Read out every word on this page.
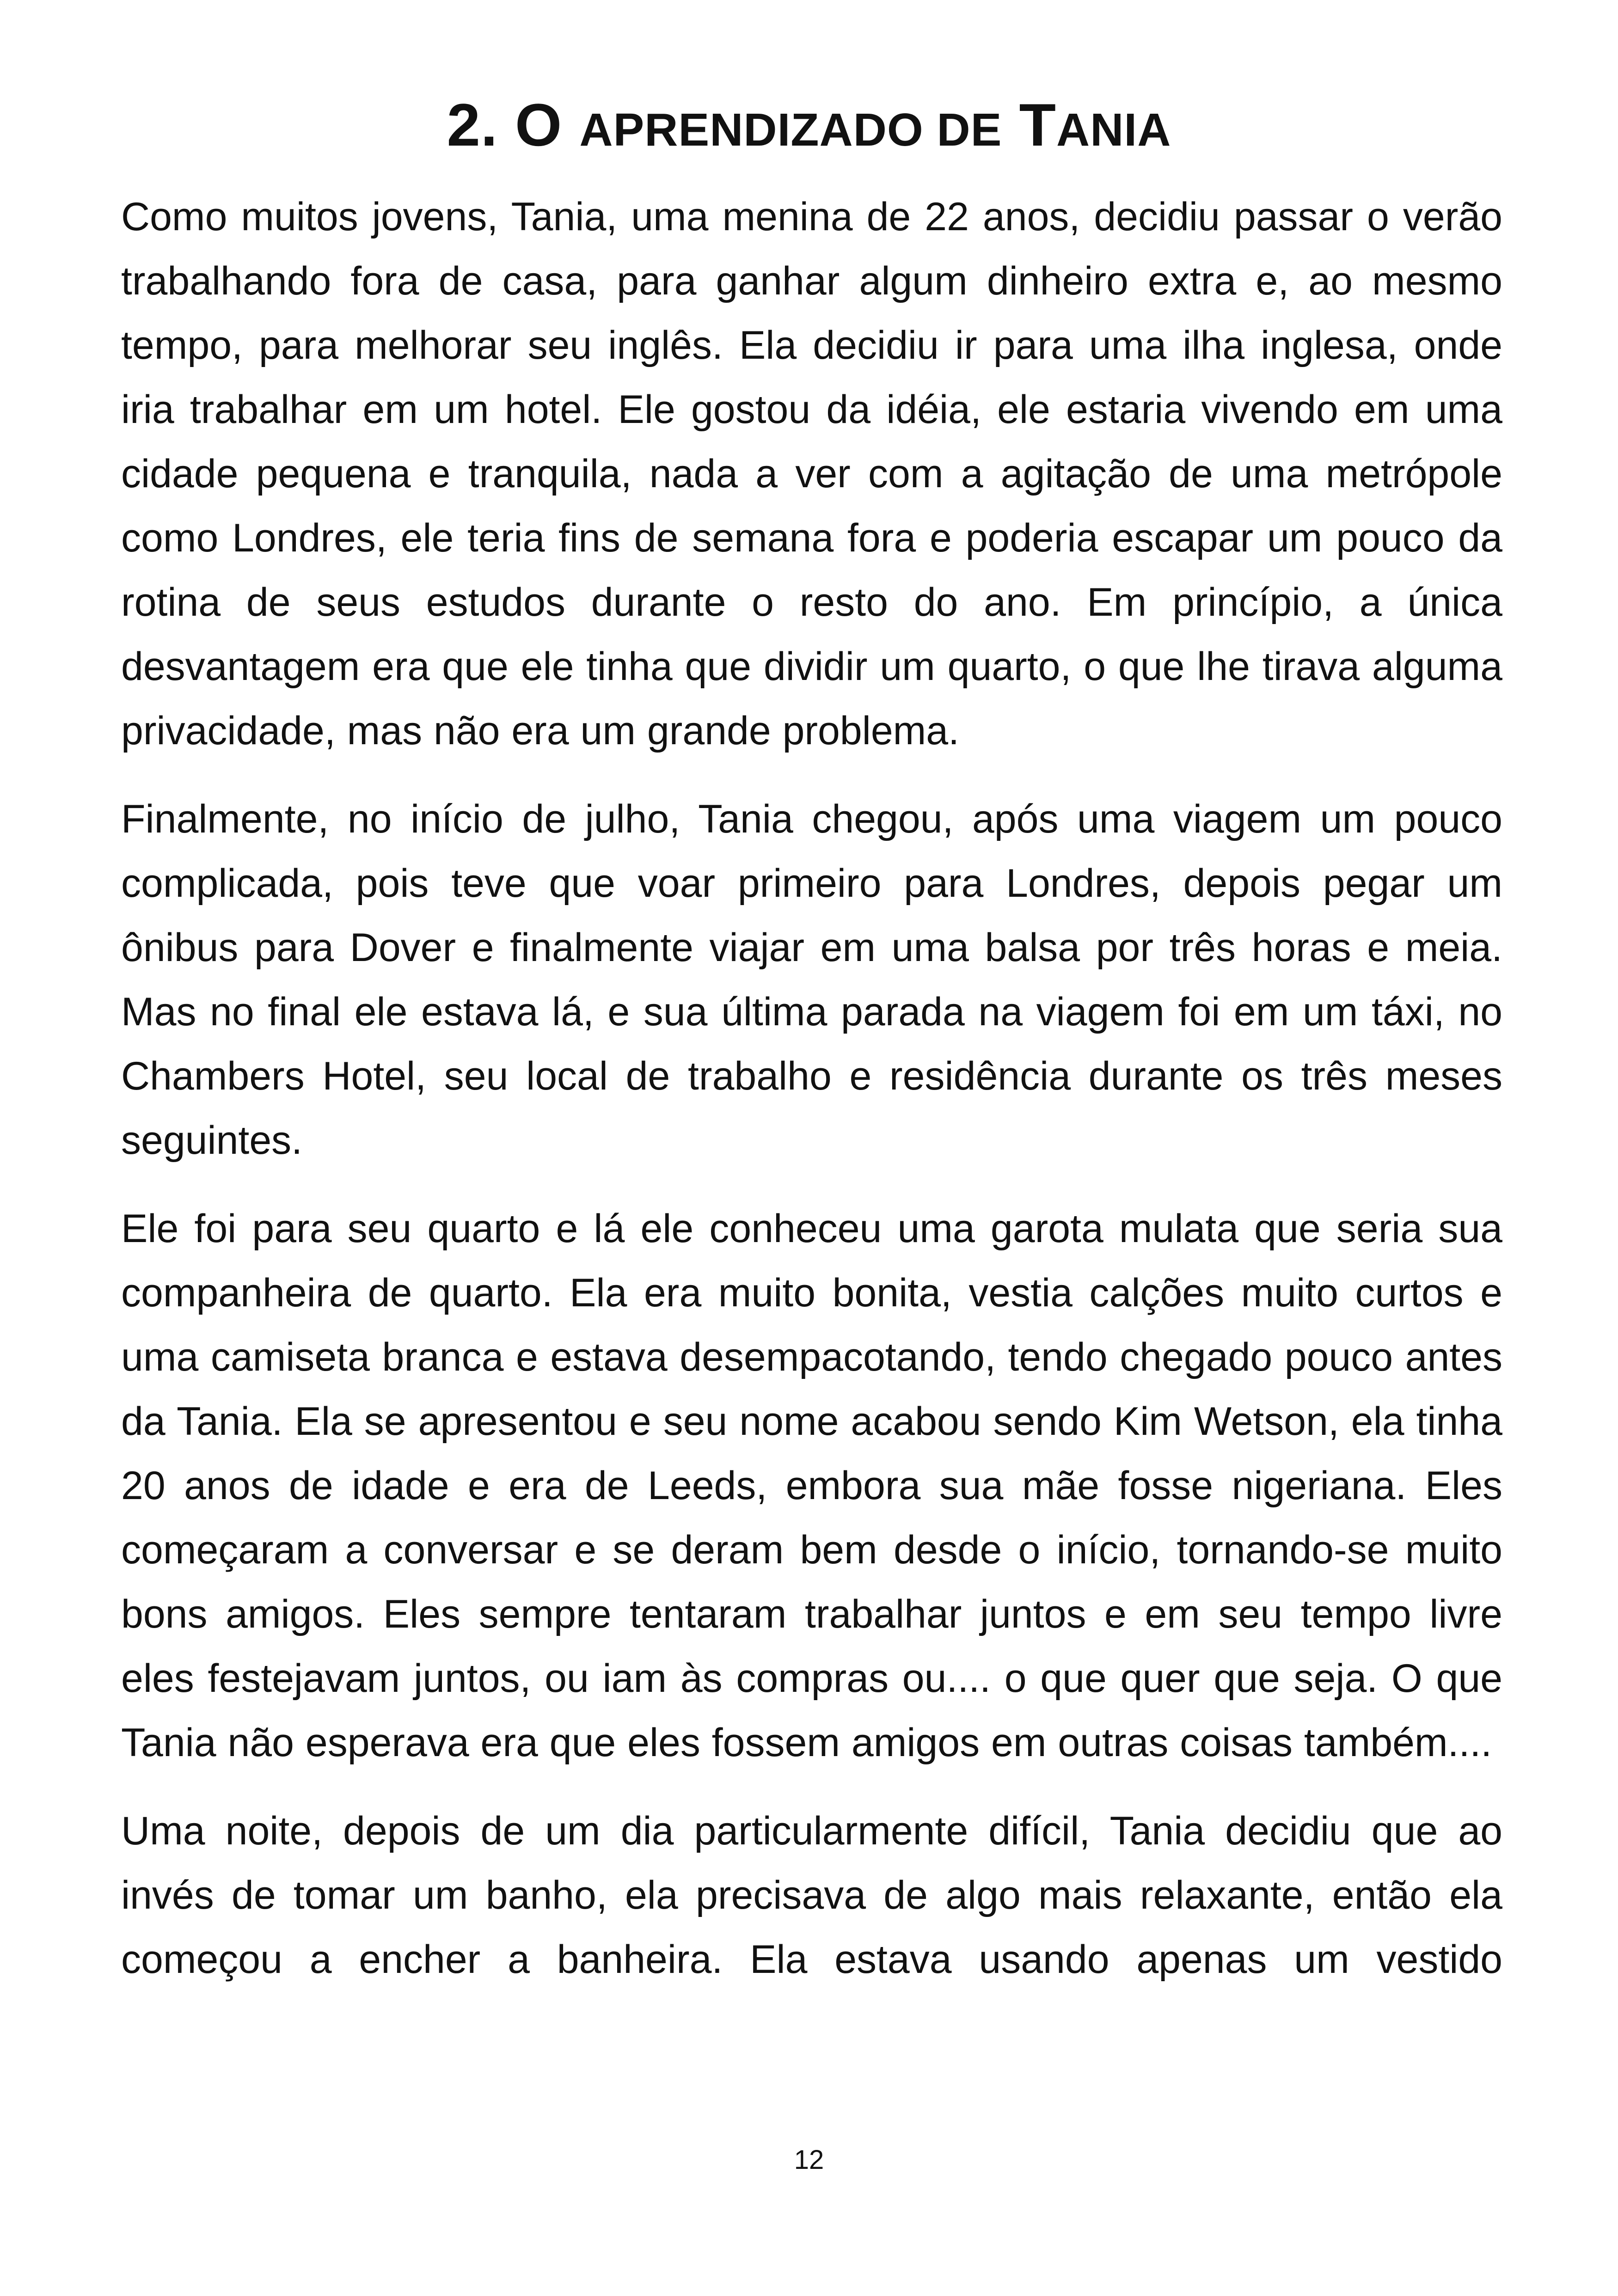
2. O APRENDIZADO DE TANIA

Como muitos jovens, Tania, uma menina de 22 anos, decidiu passar o verão trabalhando fora de casa, para ganhar algum dinheiro extra e, ao mesmo tempo, para melhorar seu inglês. Ela decidiu ir para uma ilha inglesa, onde iria trabalhar em um hotel. Ele gostou da idéia, ele estaria vivendo em uma cidade pequena e tranquila, nada a ver com a agitação de uma metrópole como Londres, ele teria fins de semana fora e poderia escapar um pouco da rotina de seus estudos durante o resto do ano. Em princípio, a única desvantagem era que ele tinha que dividir um quarto, o que lhe tirava alguma privacidade, mas não era um grande problema.

Finalmente, no início de julho, Tania chegou, após uma viagem um pouco complicada, pois teve que voar primeiro para Londres, depois pegar um ônibus para Dover e finalmente viajar em uma balsa por três horas e meia. Mas no final ele estava lá, e sua última parada na viagem foi em um táxi, no Chambers Hotel, seu local de trabalho e residência durante os três meses seguintes.

Ele foi para seu quarto e lá ele conheceu uma garota mulata que seria sua companheira de quarto. Ela era muito bonita, vestia calções muito curtos e uma camiseta branca e estava desempacotando, tendo chegado pouco antes da Tania. Ela se apresentou e seu nome acabou sendo Kim Wetson, ela tinha 20 anos de idade e era de Leeds, embora sua mãe fosse nigeriana. Eles começaram a conversar e se deram bem desde o início, tornando-se muito bons amigos. Eles sempre tentaram trabalhar juntos e em seu tempo livre eles festejavam juntos, ou iam às compras ou.... o que quer que seja. O que Tania não esperava era que eles fossem amigos em outras coisas também....

Uma noite, depois de um dia particularmente difícil, Tania decidiu que ao invés de tomar um banho, ela precisava de algo mais relaxante, então ela começou a encher a banheira. Ela estava usando apenas um vestido

12
